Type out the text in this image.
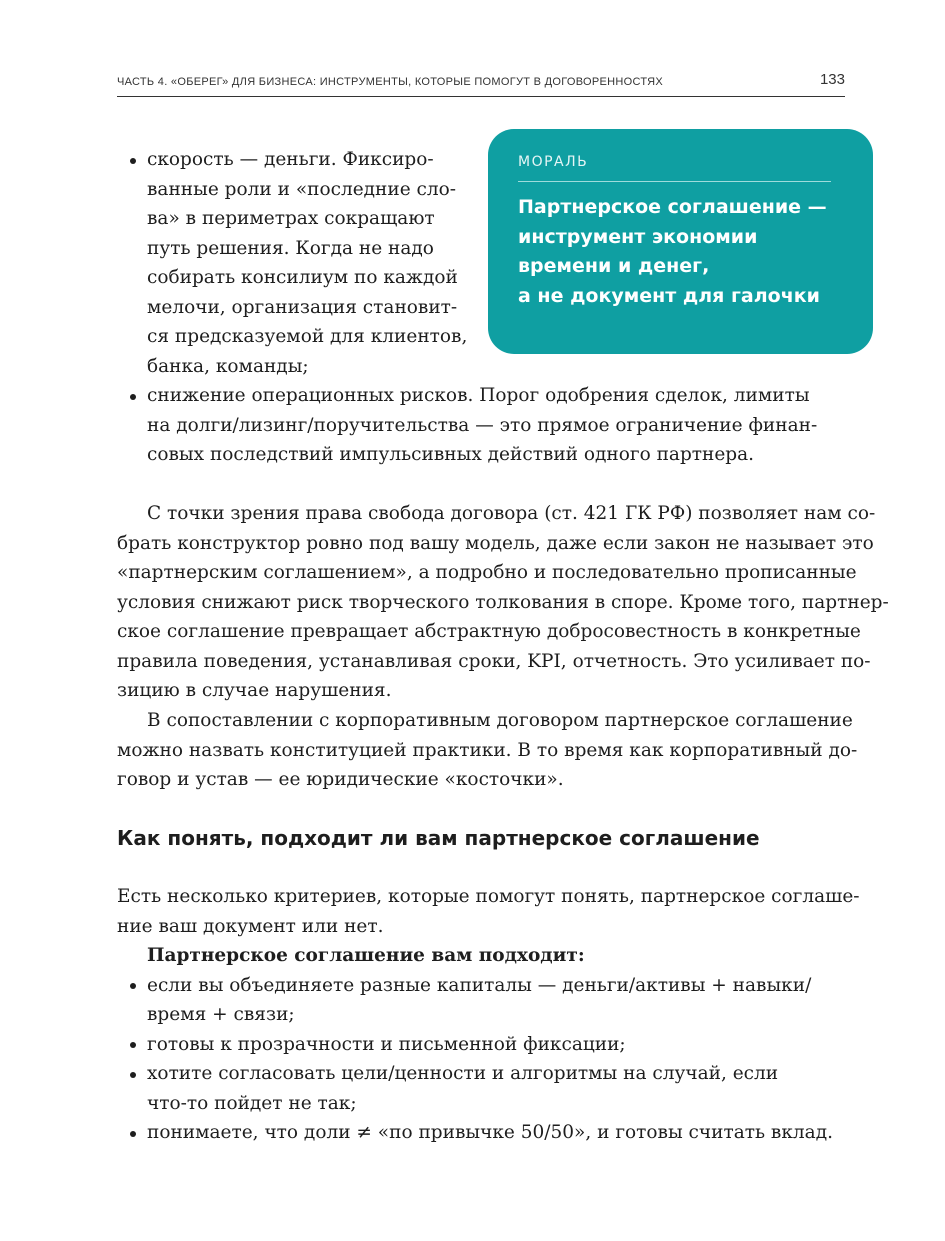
ЧАСТЬ 4. «ОБЕРЕГ» ДЛЯ БИЗНЕСА: ИНСТРУМЕНТЫ, КОТОРЫЕ ПОМОГУТ В ДОГОВОРЕННОСТЯХ	133
МОРАЛЬ
Партнерское соглашение —
инструмент экономии
времени и денег,
а не документ для галочки
скорость — деньги. Фиксиро-
ванные роли и «последние сло-
ва» в периметрах сокращают
путь решения. Когда не надо
собирать консилиум по каждой
мелочи, организация становит-
ся предсказуемой для клиентов,
банка, команды;
снижение операционных рисков. Порог одобрения сделок, лимиты
на долги/лизинг/поручительства — это прямое ограничение финан-
совых последствий импульсивных действий одного партнера.
С точки зрения права свобода договора (ст. 421 ГК РФ) позволяет нам со-
брать конструктор ровно под вашу модель, даже если закон не называет это
«партнерским соглашением», а подробно и последовательно прописанные
условия снижают риск творческого толкования в споре. Кроме того, партнер-
ское соглашение превращает абстрактную добросовестность в конкретные
правила поведения, устанавливая сроки, KPI, отчетность. Это усиливает по-
зицию в случае нарушения.
В сопоставлении с корпоративным договором партнерское соглашение
можно назвать конституцией практики. В то время как корпоративный до-
говор и устав — ее юридические «косточки».
Как понять, подходит ли вам партнерское соглашение
Есть несколько критериев, которые помогут понять, партнерское соглаше-
ние ваш документ или нет.
Партнерское соглашение вам подходит:
если вы объединяете разные капиталы — деньги/активы + навыки/
время + связи;
готовы к прозрачности и письменной фиксации;
хотите согласовать цели/ценности и алгоритмы на случай, если
что-то пойдет не так;
понимаете, что доли ≠ «по привычке 50/50», и готовы считать вклад.
